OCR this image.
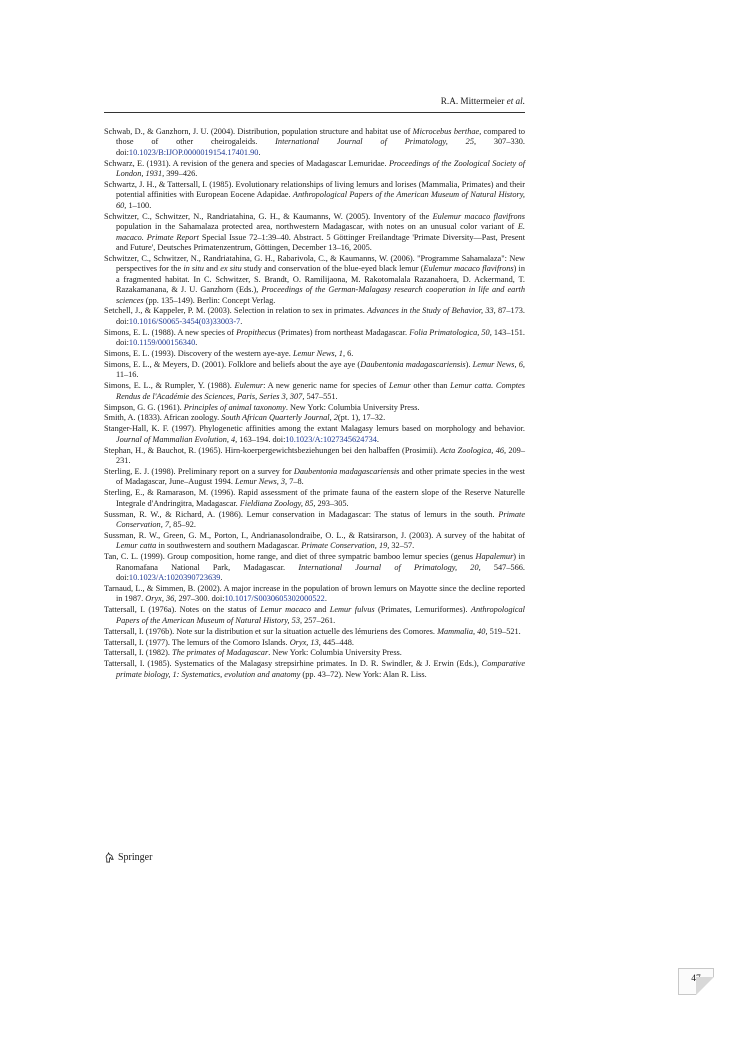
R.A. Mittermeier et al.
Schwab, D., & Ganzhorn, J. U. (2004). Distribution, population structure and habitat use of Microcebus berthae, compared to those of other cheirogaleids. International Journal of Primatology, 25, 307–330. doi:10.1023/B:IJOP.0000019154.17401.90.
Schwarz, E. (1931). A revision of the genera and species of Madagascar Lemuridae. Proceedings of the Zoological Society of London, 1931, 399–426.
Schwartz, J. H., & Tattersall, I. (1985). Evolutionary relationships of living lemurs and lorises (Mammalia, Primates) and their potential affinities with European Eocene Adapidae. Anthropological Papers of the American Museum of Natural History, 60, 1–100.
Schwitzer, C., Schwitzer, N., Randriatahina, G. H., & Kaumanns, W. (2005). Inventory of the Eulemur macaco flavifrons population in the Sahamalaza protected area, northwestern Madagascar, with notes on an unusual color variant of E. macaco. Primate Report Special Issue 72–1:39–40. Abstract. 5 Göttinger Freilandtage 'Primate Diversity—Past, Present and Future', Deutsches Primatenzentrum, Göttingen, December 13–16, 2005.
Schwitzer, C., Schwitzer, N., Randriatahina, G. H., Rabarivola, C., & Kaumanns, W. (2006). "Programme Sahamalaza": New perspectives for the in situ and ex situ study and conservation of the blue-eyed black lemur (Eulemur macaco flavifrons) in a fragmented habitat. In C. Schwitzer, S. Brandt, O. Ramilijaona, M. Rakotomalala Razanahoera, D. Ackermand, T. Razakamanana, & J. U. Ganzhorn (Eds.), Proceedings of the German-Malagasy research cooperation in life and earth sciences (pp. 135–149). Berlin: Concept Verlag.
Setchell, J., & Kappeler, P. M. (2003). Selection in relation to sex in primates. Advances in the Study of Behavior, 33, 87–173. doi:10.1016/S0065-3454(03)33003-7.
Simons, E. L. (1988). A new species of Propithecus (Primates) from northeast Madagascar. Folia Primatologica, 50, 143–151. doi:10.1159/000156340.
Simons, E. L. (1993). Discovery of the western aye-aye. Lemur News, 1, 6.
Simons, E. L., & Meyers, D. (2001). Folklore and beliefs about the aye aye (Daubentonia madagascariensis). Lemur News, 6, 11–16.
Simons, E. L., & Rumpler, Y. (1988). Eulemur: A new generic name for species of Lemur other than Lemur catta. Comptes Rendus de l'Académie des Sciences, Paris, Series 3, 307, 547–551.
Simpson, G. G. (1961). Principles of animal taxonomy. New York: Columbia University Press.
Smith, A. (1833). African zoology. South African Quarterly Journal, 2(pt. 1), 17–32.
Stanger-Hall, K. F. (1997). Phylogenetic affinities among the extant Malagasy lemurs based on morphology and behavior. Journal of Mammalian Evolution, 4, 163–194. doi:10.1023/A:1027345624734.
Stephan, H., & Bauchot, R. (1965). Hirn-koerpergewichtsbeziehungen bei den halbaffen (Prosimii). Acta Zoologica, 46, 209–231.
Sterling, E. J. (1998). Preliminary report on a survey for Daubentonia madagascariensis and other primate species in the west of Madagascar, June–August 1994. Lemur News, 3, 7–8.
Sterling, E., & Ramarason, M. (1996). Rapid assessment of the primate fauna of the eastern slope of the Reserve Naturelle Integrale d'Andringitra, Madagascar. Fieldiana Zoology, 85, 293–305.
Sussman, R. W., & Richard, A. (1986). Lemur conservation in Madagascar: The status of lemurs in the south. Primate Conservation, 7, 85–92.
Sussman, R. W., Green, G. M., Porton, I., Andrianasolondraibe, O. L., & Ratsirarson, J. (2003). A survey of the habitat of Lemur catta in southwestern and southern Madagascar. Primate Conservation, 19, 32–57.
Tan, C. L. (1999). Group composition, home range, and diet of three sympatric bamboo lemur species (genus Hapalemur) in Ranomafana National Park, Madagascar. International Journal of Primatology, 20, 547–566. doi:10.1023/A:1020390723639.
Tarnaud, L., & Simmen, B. (2002). A major increase in the population of brown lemurs on Mayotte since the decline reported in 1987. Oryx, 36, 297–300. doi:10.1017/S0030605302000522.
Tattersall, I. (1976a). Notes on the status of Lemur macaco and Lemur fulvus (Primates, Lemuriformes). Anthropological Papers of the American Museum of Natural History, 53, 257–261.
Tattersall, I. (1976b). Note sur la distribution et sur la situation actuelle des lémuriens des Comores. Mammalia, 40, 519–521.
Tattersall, I. (1977). The lemurs of the Comoro Islands. Oryx, 13, 445–448.
Tattersall, I. (1982). The primates of Madagascar. New York: Columbia University Press.
Tattersall, I. (1985). Systematics of the Malagasy strepsirhine primates. In D. R. Swindler, & J. Erwin (Eds.), Comparative primate biology, 1: Systematics, evolution and anatomy (pp. 43–72). New York: Alan R. Liss.
Springer
47
